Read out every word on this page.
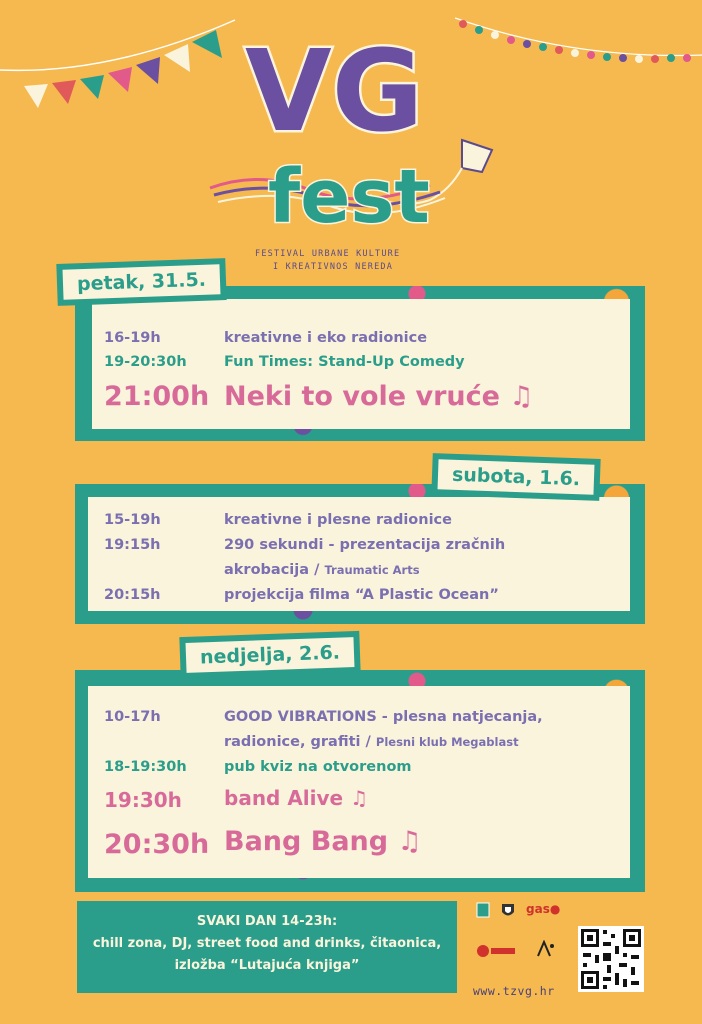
VG
fest
FESTIVAL URBANE KULTURE
I KREATIVNOS NEREDA
petak, 31.5.
16-19h	kreativne i eko radionice
19-20:30h	Fun Times: Stand-Up Comedy
21:00h Neki to vole vruće ♫
subota, 1.6.
15-19h	kreativne i plesne radionice
19:15h	290 sekundi - prezentacija zračnih
akrobacija / Traumatic Arts
20:15h	projekcija filma “A Plastic Ocean”
nedjelja, 2.6.
10-17h	GOOD VIBRATIONS - plesna natjecanja,
radionice, grafiti / Plesni klub Megablast
18-19:30h	pub kviz na otvorenom
19:30h band Alive ♫
20:30h Bang Bang ♫
SVAKI DAN 14-23h:
chill zona, DJ, street food and drinks, čitaonica,
izložba “Lutajuća knjiga”
gas●
www.tzvg.hr
